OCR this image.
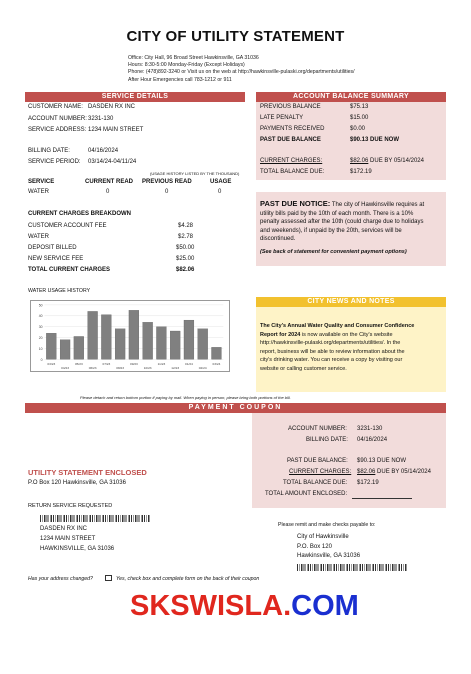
CITY OF UTILITY STATEMENT
Office: City Hall, 96 Broad Street Hawkinsville, GA 31036
Hours: 8:30-5:00 Monday-Friday (Except Holidays)
Phone: (478)892-3240 or Visit us on the web at http://hawkinsville-pulaski.org/departments/utilities/
After Hour Emergencies call 783-1212 or 911
SERVICE DETAILS
CUSTOMER NAME: DASDEN RX INC
ACCOUNT NUMBER: 3231-130
SERVICE ADDRESS: 1234 MAIN STREET
BILLING DATE:	04/16/2024
SERVICE PERIOD: 03/14/24-04/11/24
(USAGE HISTORY LISTED BY THE THOUSAND)
SERVICE	CURRENT READ PREVIOUS READ	USAGE
WATER	0	0	0
CURRENT CHARGES BREAKDOWN
CUSTOMER ACCOUNT FEE	$4.28
WATER	$2.78
DEPOSIT BILLED	$50.00
NEW SERVICE FEE	$25.00
TOTAL CURRENT CHARGES	$82.06
WATER USAGE HISTORY
0
10
20
30
40
50
03/23
04/23
05/23
06/23
07/23
08/23
09/23
10/23
11/23
12/23
01/24
02/24
03/24
ACCOUNT BALANCE SUMMARY
PREVIOUS BALANCE	$75.13
LATE PENALTY	$15.00
PAYMENTS RECEIVED	$0.00
PAST DUE BALANCE	$90.13 DUE NOW
CURRENT CHARGES:	$82.06 DUE BY 05/14/2024
TOTAL BALANCE DUE:	$172.19
PAST DUE NOTICE: The city of Hawkinsville requires at
utility bills paid by the 10th of each month. There is a 10%
penalty assessed after the 10th (could charge due to holidays
and weekends), if unpaid by the 20th, services will be
discontinued.
(See back of statement for convenient payment options)
CITY NEWS AND NOTES
The City's Annual Water Quality and Consumer Confidence
Report for 2024 is now available on the City's website
http://hawkinsville-pulaski.org/departments/utilities/. In the
report, business will be able to review information about the
city's drinking water. You can receive a copy by visiting our
website or calling customer service.
Please detach and return bottom portion if paying by mail. When paying in person, please bring both portions of the bill.
PAYMENT COUPON
ACCOUNT NUMBER: 3231-130
BILLING DATE: 04/16/2024
PAST DUE BALANCE: $90.13 DUE NOW
CURRENT CHARGES: $82.06 DUE BY 05/14/2024
TOTAL BALANCE DUE: $172.19
TOTAL AMOUNT ENCLOSED:
UTILITY STATEMENT ENCLOSED
P.O Box 120 Hawkinsville, GA 31036
RETURN SERVICE REQUESTED
DASDEN RX INC
1234 MAIN STREET
HAWKINSVILLE, GA 31036
Please remit and make checks payable to:
City of Hawkinsville
P.O. Box 120
Hawkinsville, GA 31036
Has your address changed?	Yes, check box and complete form on the back of their coupon
SKSWISLA.COM
